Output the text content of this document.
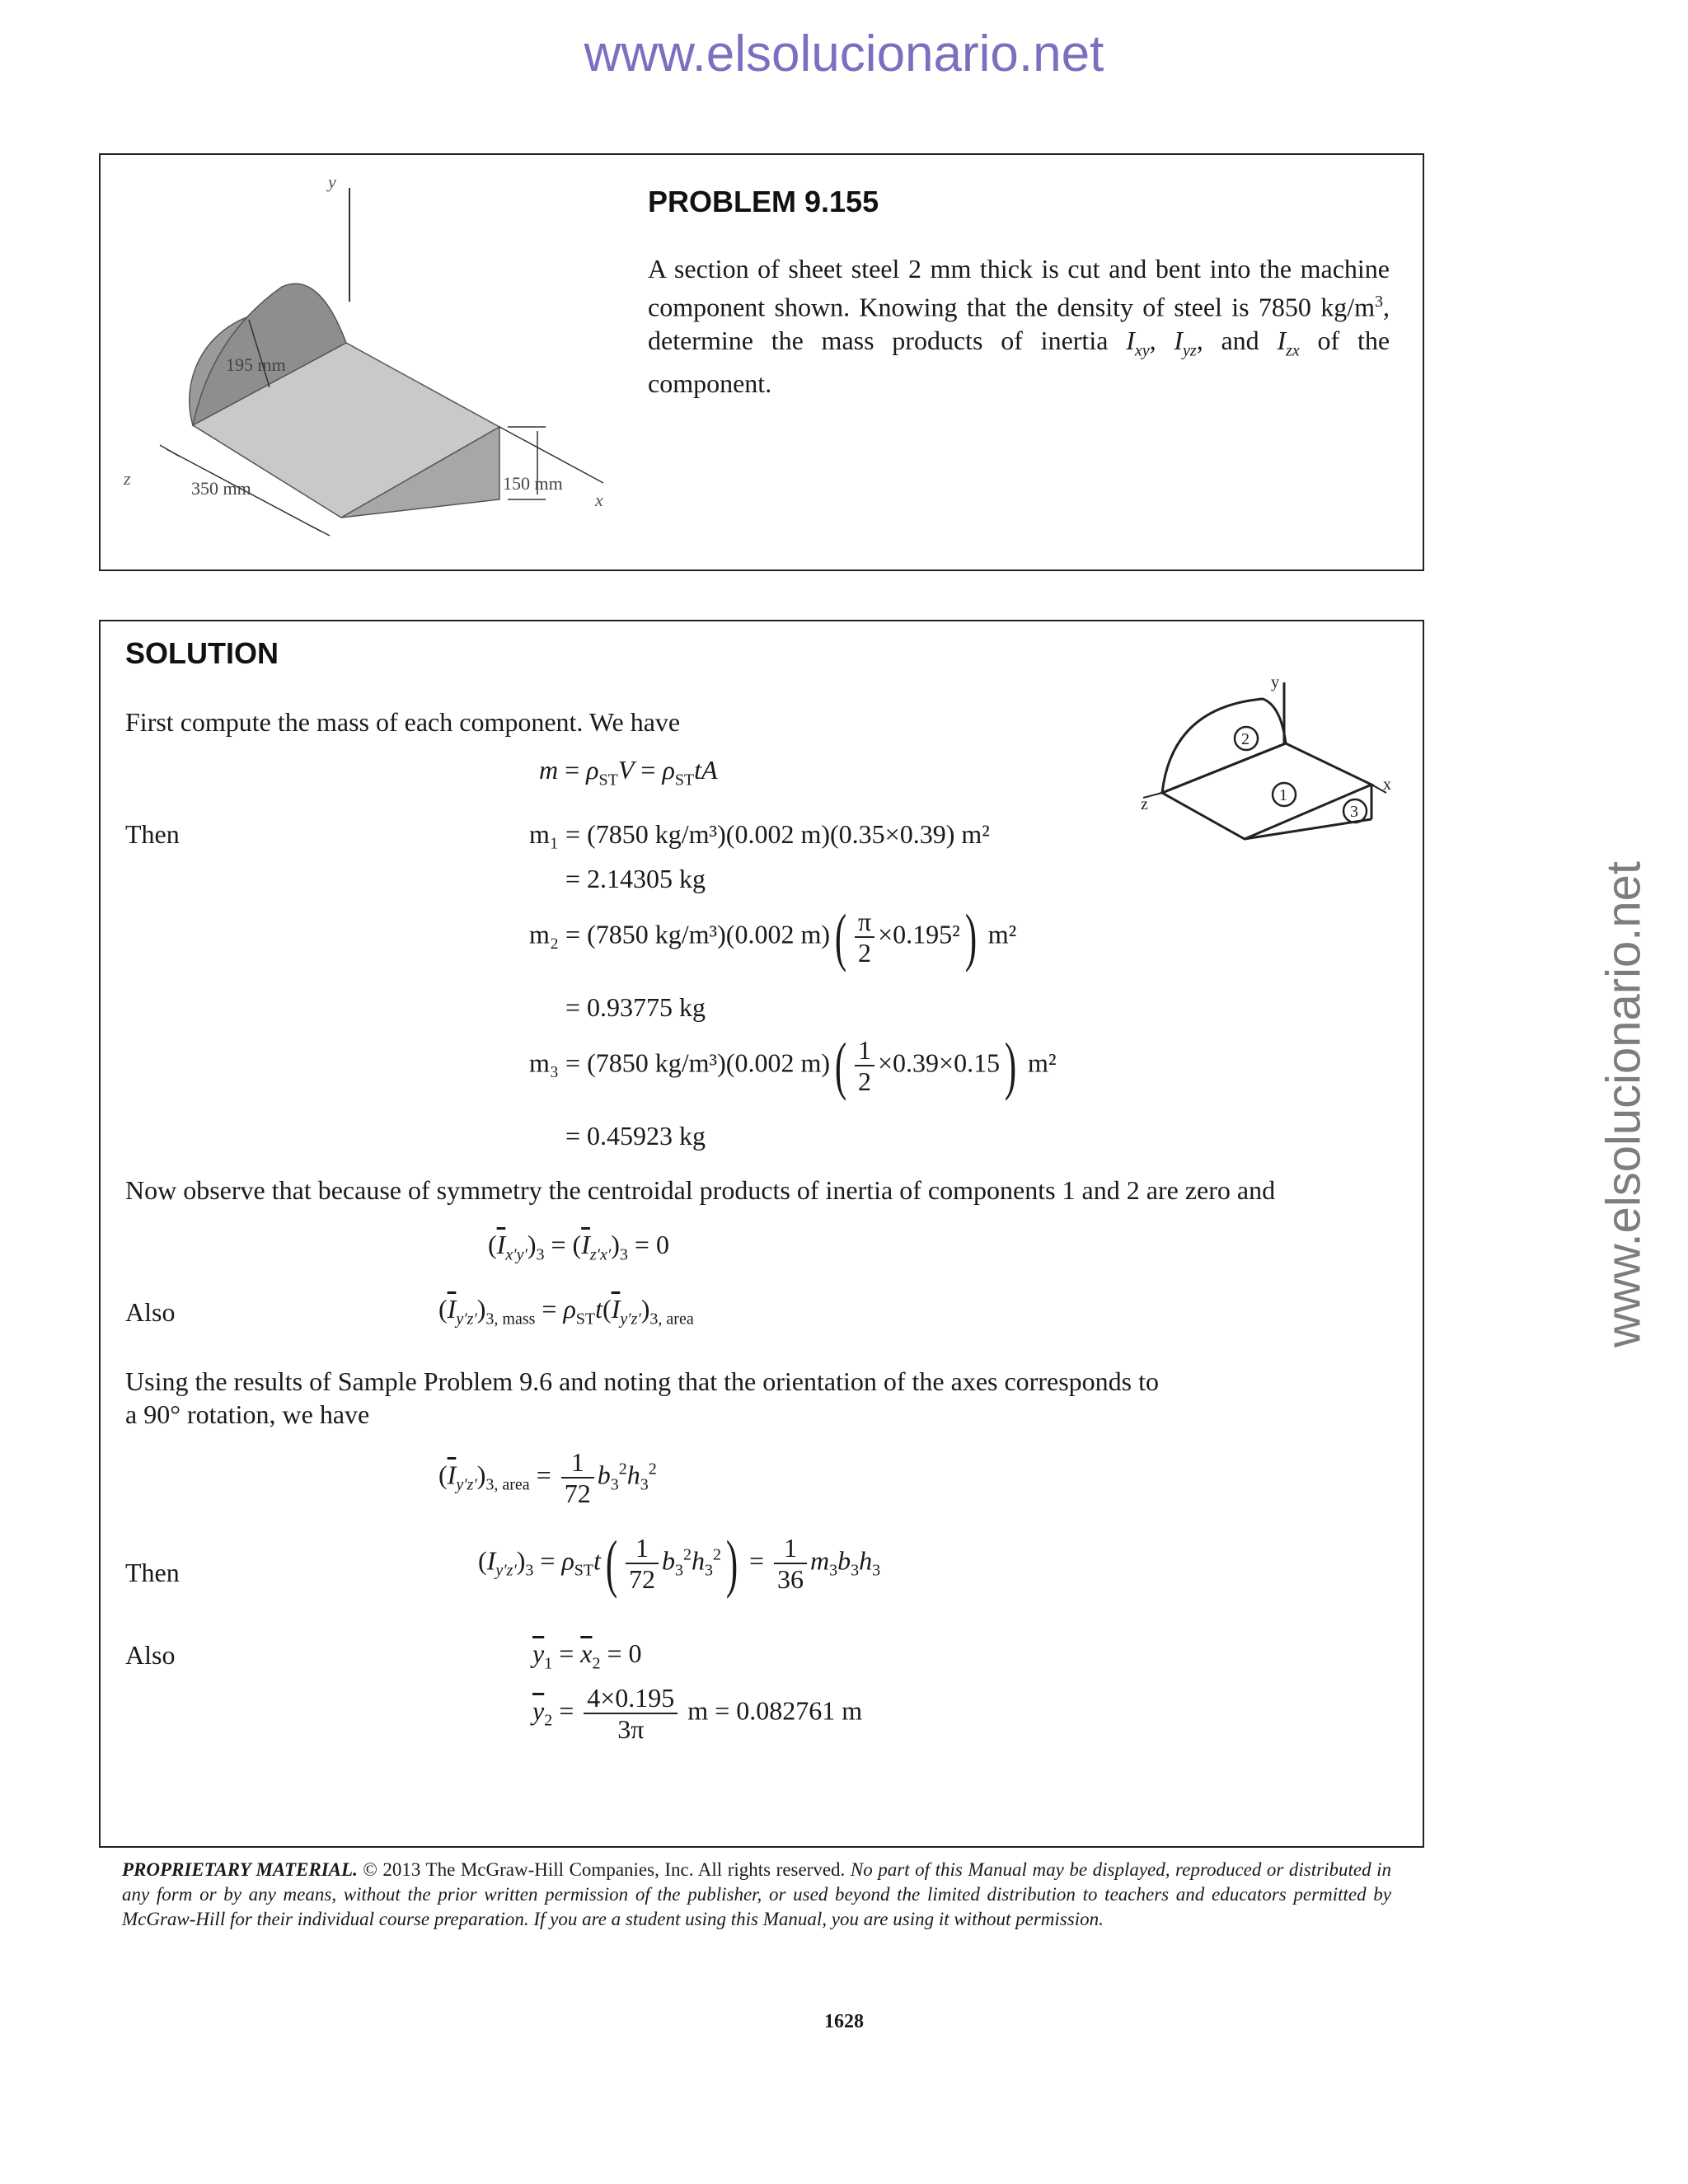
www.elsolucionario.net
www.elsolucionario.net
y
195 mm
350 mm	150 mm
x
z
PROBLEM 9.155
A section of sheet steel 2 mm thick is cut and bent into the machine component shown. Knowing that the density of steel is 7850 $kg/m^3$, determine the mass products of inertia $I_{xy}$, $I_{yz}$, and $I_{zx}$ of the component.
SOLUTION
y
x
z
2
1
3
First compute the mass of each component. We have
$m = \rho_{ST}V = \rho_{ST}tA$
Then	m₁ = (7850 kg/m³)(0.002 m)(0.35×0.39) m²
= 2.14305 kg
m₂ = (7850 kg/m³)(0.002 $m)( \frac{\pi}{2} \times 0.195^2)$ m²
= 0.93775 kg
m₃ = (7850 kg/m³)(0.002 $m)( \frac{1}{2} \times 0.39\times 0.15)$ m²
= 0.45923 kg
Now observe that because of symmetry the centroidal products of inertia of components 1 and 2 are zero and
$(\overline{I}_{x'y'})_3 = (\overline{I}_{z'x'})_3 = 0$
Also	$(\overline{I}_{y'z'})_{3, mass} = \rho_{ST}t(\overline{I}_{y'z'})_{3, area}$
Using the results of Sample Problem 9.6 and noting that the orientation of the axes corresponds to
a 90° rotation, we have
$(\overline{I}_{y'z'})_{3, area} = \frac{1}{72} b_3^2h_3^2$
Then	$(I_{y'z'})_3 = \rho_{ST}t( \frac{1}{72} b_3^2h_3^2) = \frac{1}{36} m_3b_3h_3$
Also	$\overline{y}_1 = \overline{x}_2 = 0$
$\overline{y}_2 = \frac{4\times 0.195}{3\pi}$ m = 0.082761 m
PROPRIETARY MATERIAL. © 2013 The McGraw-Hill Companies, Inc. All rights reserved. No part of this Manual may be displayed, reproduced or distributed in any form or by any means, without the prior written permission of the publisher, or used beyond the limited distribution to teachers and educators permitted by McGraw-Hill for their individual course preparation. If you are a student using this Manual, you are using it without permission.
1628
